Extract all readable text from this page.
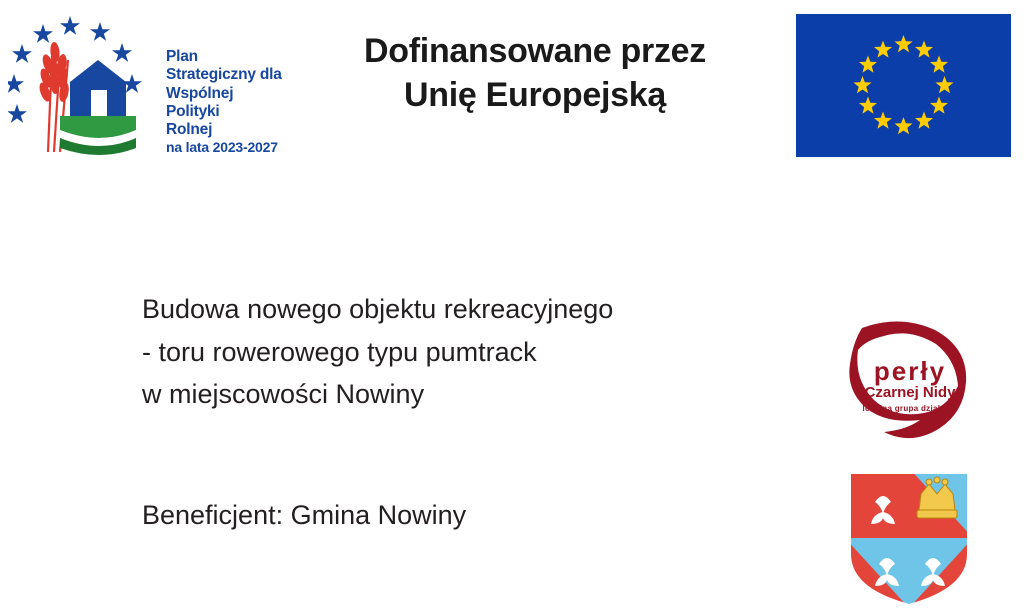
Plan
Strategiczny dla
Wspólnej
Polityki
Rolnej
na lata 2023-2027
Dofinansowane przez
Unię Europejską
Budowa nowego objektu rekreacyjnego
- toru rowerowego typu pumtrack
w miejscowości Nowiny
Beneficjent: Gmina Nowiny
perły
Czarnej Nidy
lokalna grupa działania
